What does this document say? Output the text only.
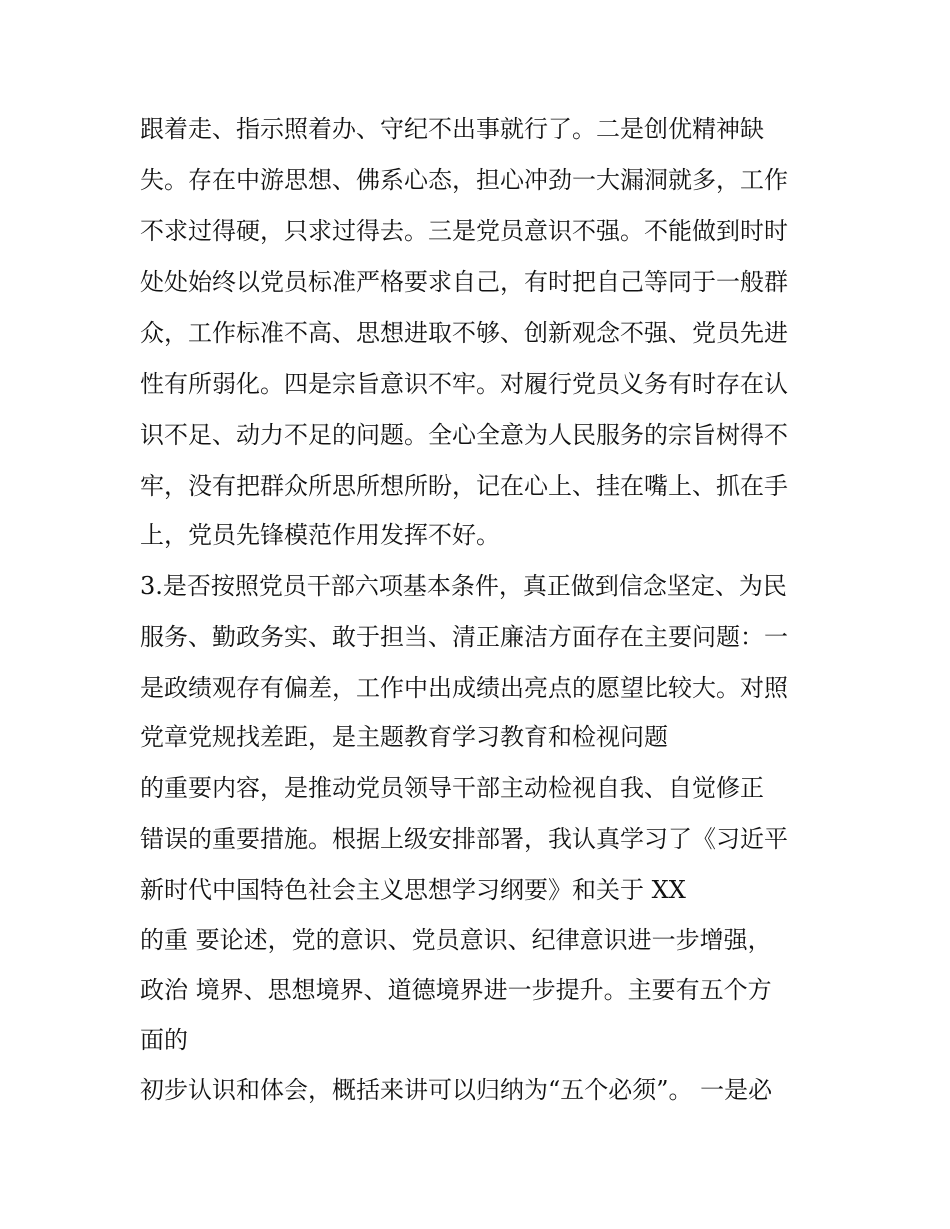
跟着走、指示照着办、守纪不出事就行了。二是创优精神缺
失。存在中游思想、佛系心态，担心冲劲一大漏洞就多，工作
不求过得硬，只求过得去。三是党员意识不强。不能做到时时
处处始终以党员标准严格要求自己，有时把自己等同于一般群
众，工作标准不高、思想进取不够、创新观念不强、党员先进
性有所弱化。四是宗旨意识不牢。对履行党员义务有时存在认
识不足、动力不足的问题。全心全意为人民服务的宗旨树得不
牢，没有把群众所思所想所盼，记在心上、挂在嘴上、抓在手
上，党员先锋模范作用发挥不好。
3.是否按照党员干部六项基本条件，真正做到信念坚定、为民
服务、勤政务实、敢于担当、清正廉洁方面存在主要问题：一
是政绩观存有偏差，工作中出成绩出亮点的愿望比较大。对照
党章党规找差距，是主题教育学习教育和检视问题
的重要内容，是推动党员领导干部主动检视自我、自觉修正
错误的重要措施。根据上级安排部署，我认真学习了《习近平
新时代中国特色社会主义思想学习纲要》和关于 XX
的重 要论述，党的意识、党员意识、纪律意识进一步增强，
政治 境界、思想境界、道德境界进一步提升。主要有五个方
面的
初步认识和体会，概括来讲可以归纳为“五个必须”。 一是必
